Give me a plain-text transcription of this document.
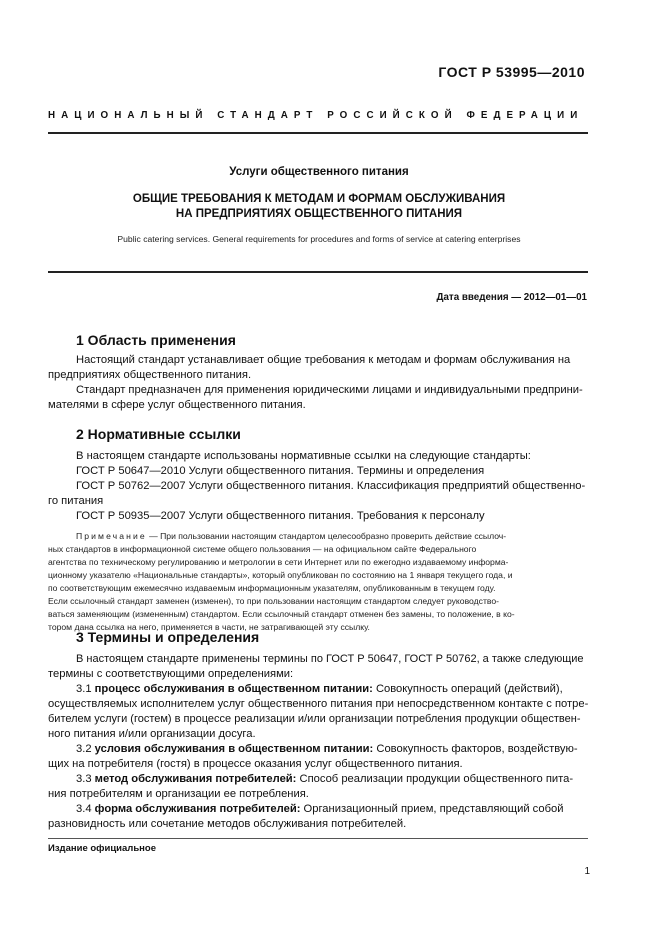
ГОСТ Р 53995—2010
НАЦИОНАЛЬНЫЙ СТАНДАРТ РОССИЙСКОЙ ФЕДЕРАЦИИ
Услуги общественного питания
ОБЩИЕ ТРЕБОВАНИЯ К МЕТОДАМ И ФОРМАМ ОБСЛУЖИВАНИЯ
НА ПРЕДПРИЯТИЯХ ОБЩЕСТВЕННОГО ПИТАНИЯ
Public catering services. General requirements for procedures and forms of service at catering enterprises
Дата введения — 2012—01—01
1 Область применения
Настоящий стандарт устанавливает общие требования к методам и формам обслуживания на
предприятиях общественного питания.
Стандарт предназначен для применения юридическими лицами и индивидуальными предприни-
мателями в сфере услуг общественного питания.
2 Нормативные ссылки
В настоящем стандарте использованы нормативные ссылки на следующие стандарты:
ГОСТ Р 50647—2010 Услуги общественного питания. Термины и определения
ГОСТ Р 50762—2007 Услуги общественного питания. Классификация предприятий общественно-
го питания
ГОСТ Р 50935—2007 Услуги общественного питания. Требования к персоналу
Примечание — При пользовании настоящим стандартом целесообразно проверить действие ссылоч-
ных стандартов в информационной системе общего пользования — на официальном сайте Федерального
агентства по техническому регулированию и метрологии в сети Интернет или по ежегодно издаваемому информа-
ционному указателю «Национальные стандарты», который опубликован по состоянию на 1 января текущего года, и
по соответствующим ежемесячно издаваемым информационным указателям, опубликованным в текущем году.
Если ссылочный стандарт заменен (изменен), то при пользовании настоящим стандартом следует руководство-
ваться заменяющим (измененным) стандартом. Если ссылочный стандарт отменен без замены, то положение, в ко-
тором дана ссылка на него, применяется в части, не затрагивающей эту ссылку.
3 Термины и определения
В настоящем стандарте применены термины по ГОСТ Р 50647, ГОСТ Р 50762, а также следующие
термины с соответствующими определениями:
3.1 процесс обслуживания в общественном питании: Совокупность операций (действий),
осуществляемых исполнителем услуг общественного питания при непосредственном контакте с потре-
бителем услуги (гостем) в процессе реализации и/или организации потребления продукции обществен-
ного питания и/или организации досуга.
3.2 условия обслуживания в общественном питании: Совокупность факторов, воздействую-
щих на потребителя (гостя) в процессе оказания услуг общественного питания.
3.3 метод обслуживания потребителей: Способ реализации продукции общественного пита-
ния потребителям и организации ее потребления.
3.4 форма обслуживания потребителей: Организационный прием, представляющий собой
разновидность или сочетание методов обслуживания потребителей.
Издание официальное
1
